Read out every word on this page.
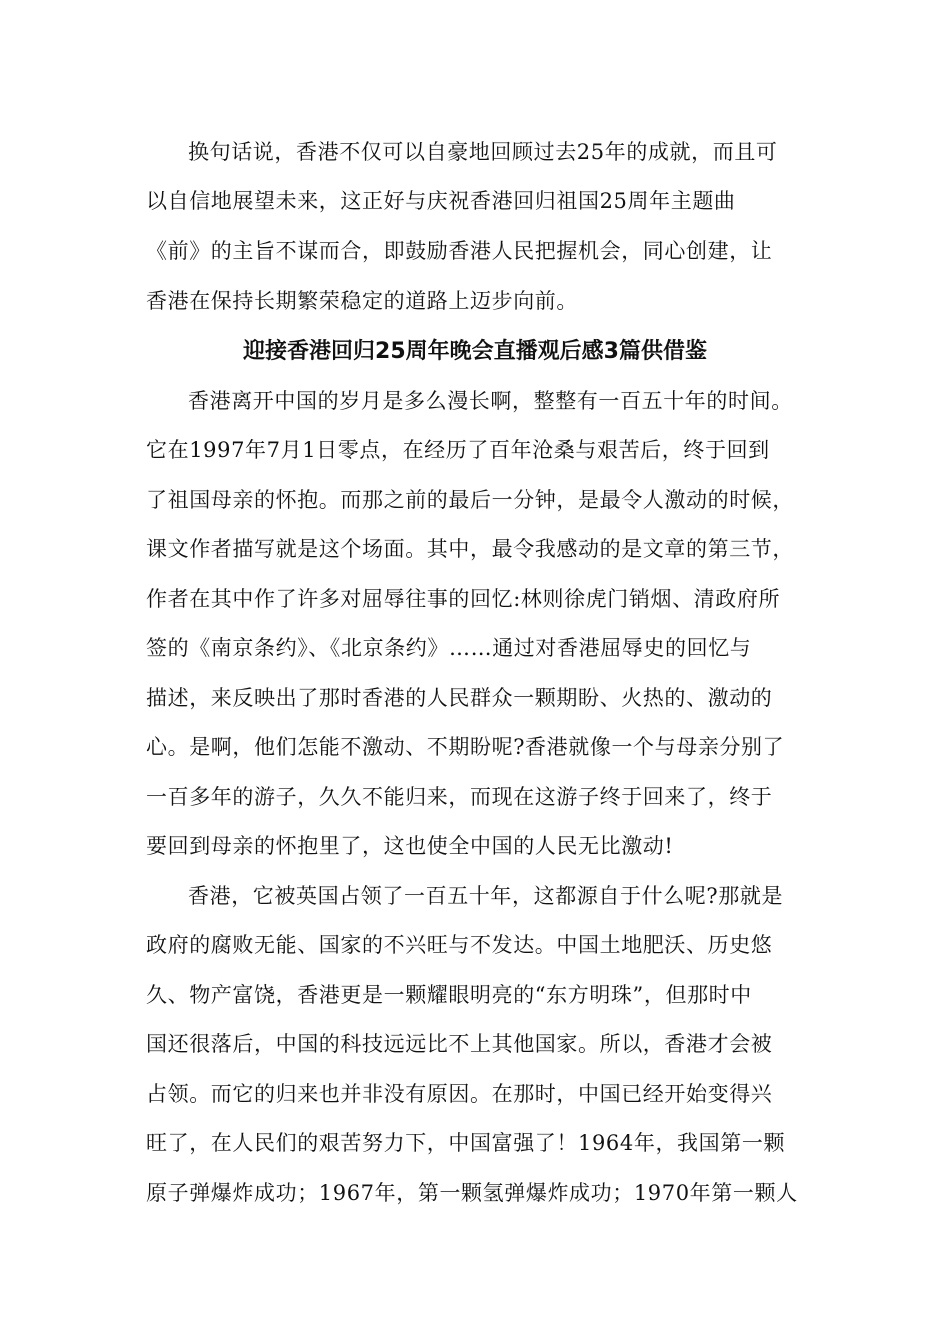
换句话说，香港不仅可以自豪地回顾过去25年的成就，而且可
以自信地展望未来，这正好与庆祝香港回归祖国25周年主题曲
《前》的主旨不谋而合，即鼓励香港人民把握机会，同心创建，让
香港在保持长期繁荣稳定的道路上迈步向前。
迎接香港回归25周年晚会直播观后感3篇供借鉴
香港离开中国的岁月是多么漫长啊，整整有一百五十年的时间。
它在1997年7月1日零点，在经历了百年沧桑与艰苦后，终于回到
了祖国母亲的怀抱。而那之前的最后一分钟，是最令人激动的时候，
课文作者描写就是这个场面。其中，最令我感动的是文章的第三节，
作者在其中作了许多对屈辱往事的回忆:林则徐虎门销烟、清政府所
签的《南京条约》、《北京条约》……通过对香港屈辱史的回忆与
描述，来反映出了那时香港的人民群众一颗期盼、火热的、激动的
心。是啊，他们怎能不激动、不期盼呢?香港就像一个与母亲分别了
一百多年的游子，久久不能归来，而现在这游子终于回来了，终于
要回到母亲的怀抱里了，这也使全中国的人民无比激动!
香港，它被英国占领了一百五十年，这都源自于什么呢?那就是
政府的腐败无能、国家的不兴旺与不发达。中国土地肥沃、历史悠
久、物产富饶，香港更是一颗耀眼明亮的“东方明珠”，但那时中
国还很落后，中国的科技远远比不上其他国家。所以，香港才会被
占领。而它的归来也并非没有原因。在那时，中国已经开始变得兴
旺了，在人民们的艰苦努力下，中国富强了！1964年，我国第一颗
原子弹爆炸成功；1967年，第一颗氢弹爆炸成功；1970年第一颗人
